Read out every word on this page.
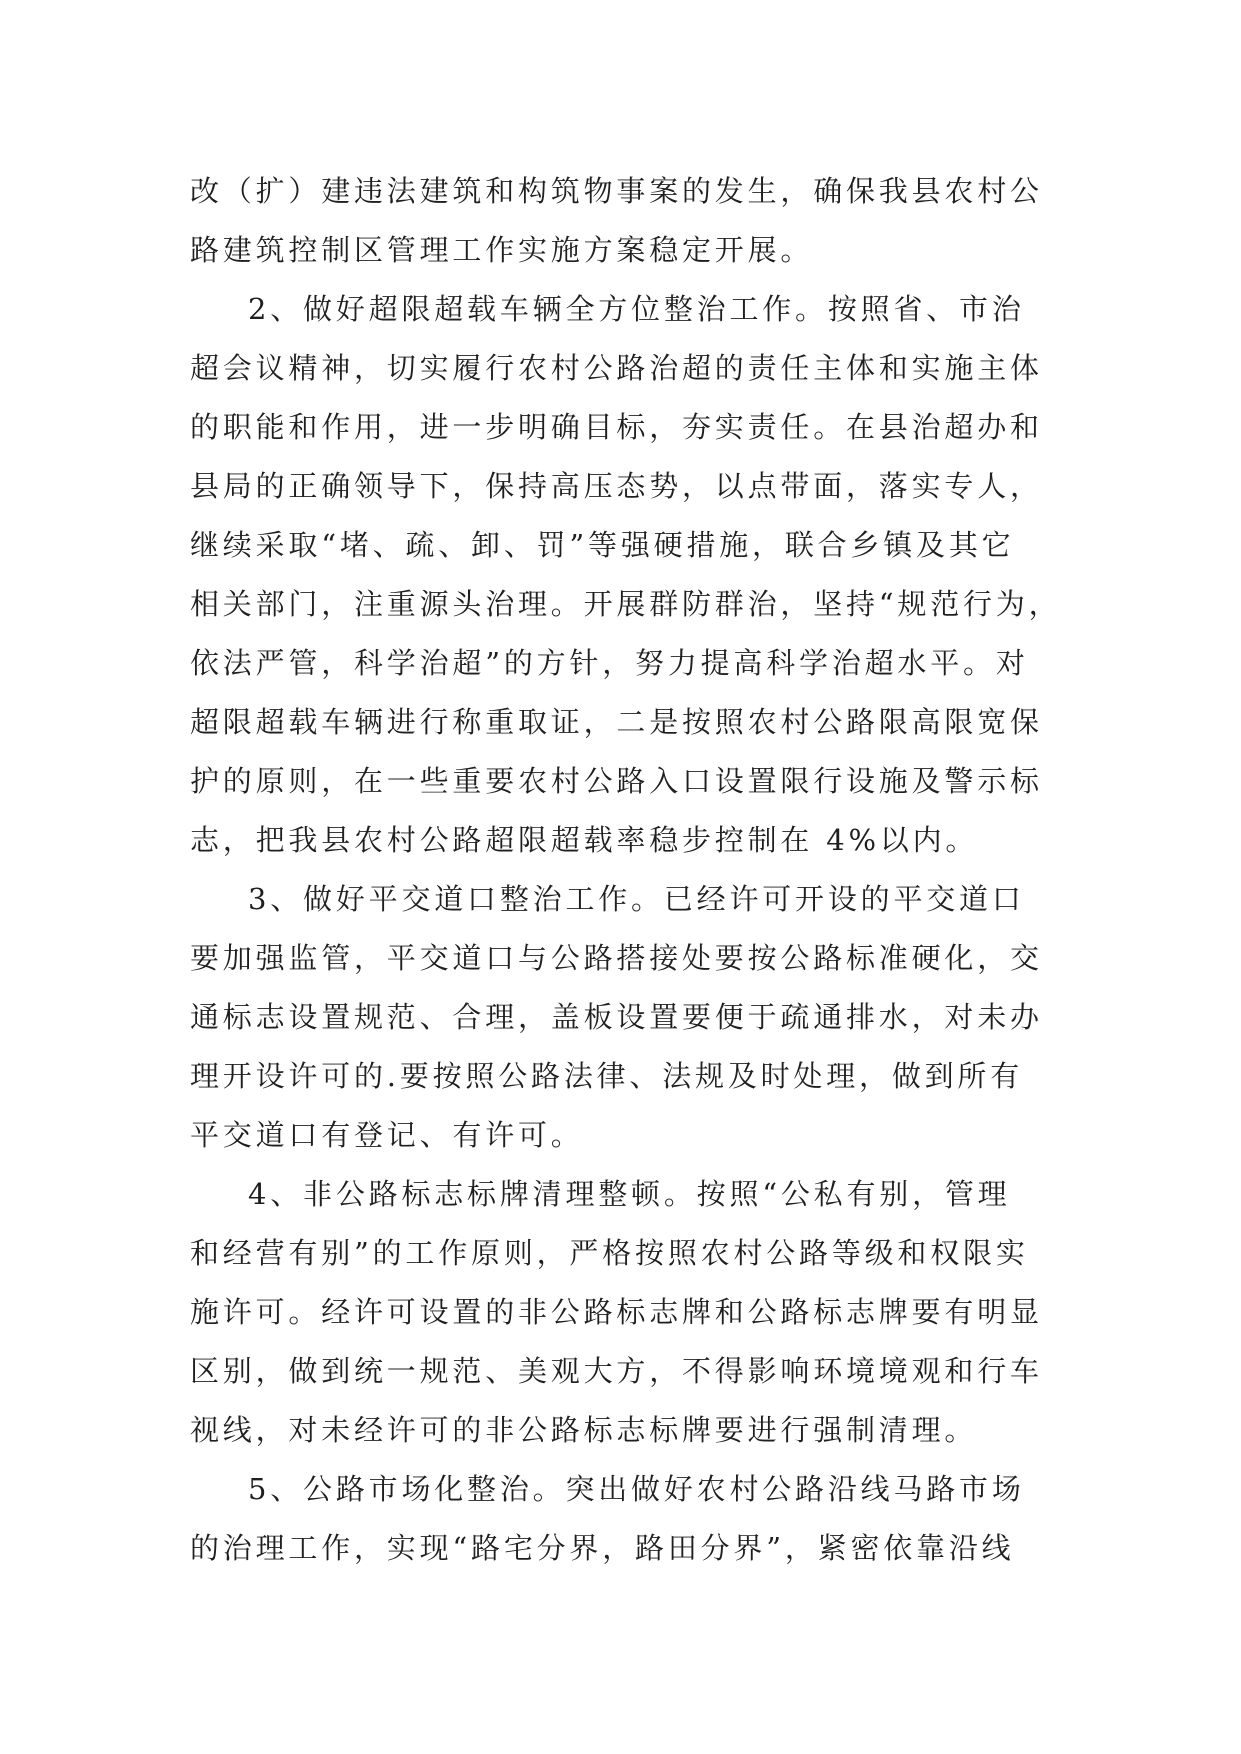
改（扩）建违法建筑和构筑物事案的发生，确保我县农村公
路建筑控制区管理工作实施方案稳定开展。
2、做好超限超载车辆全方位整治工作。按照省、市治
超会议精神，切实履行农村公路治超的责任主体和实施主体
的职能和作用，进一步明确目标，夯实责任。在县治超办和
县局的正确领导下，保持高压态势，以点带面，落实专人，
继续采取“堵、疏、卸、罚”等强硬措施，联合乡镇及其它
相关部门，注重源头治理。开展群防群治，坚持“规范行为，
依法严管，科学治超”的方针，努力提高科学治超水平。对
超限超载车辆进行称重取证，二是按照农村公路限高限宽保
护的原则，在一些重要农村公路入口设置限行设施及警示标
志，把我县农村公路超限超载率稳步控制在 4%以内。
3、做好平交道口整治工作。已经许可开设的平交道口
要加强监管，平交道口与公路搭接处要按公路标准硬化，交
通标志设置规范、合理，盖板设置要便于疏通排水，对未办
理开设许可的.要按照公路法律、法规及时处理，做到所有
平交道口有登记、有许可。
4、非公路标志标牌清理整顿。按照“公私有别，管理
和经营有别”的工作原则，严格按照农村公路等级和权限实
施许可。经许可设置的非公路标志牌和公路标志牌要有明显
区别，做到统一规范、美观大方，不得影响环境境观和行车
视线，对未经许可的非公路标志标牌要进行强制清理。
5、公路市场化整治。突出做好农村公路沿线马路市场
的治理工作，实现“路宅分界，路田分界”，紧密依靠沿线
